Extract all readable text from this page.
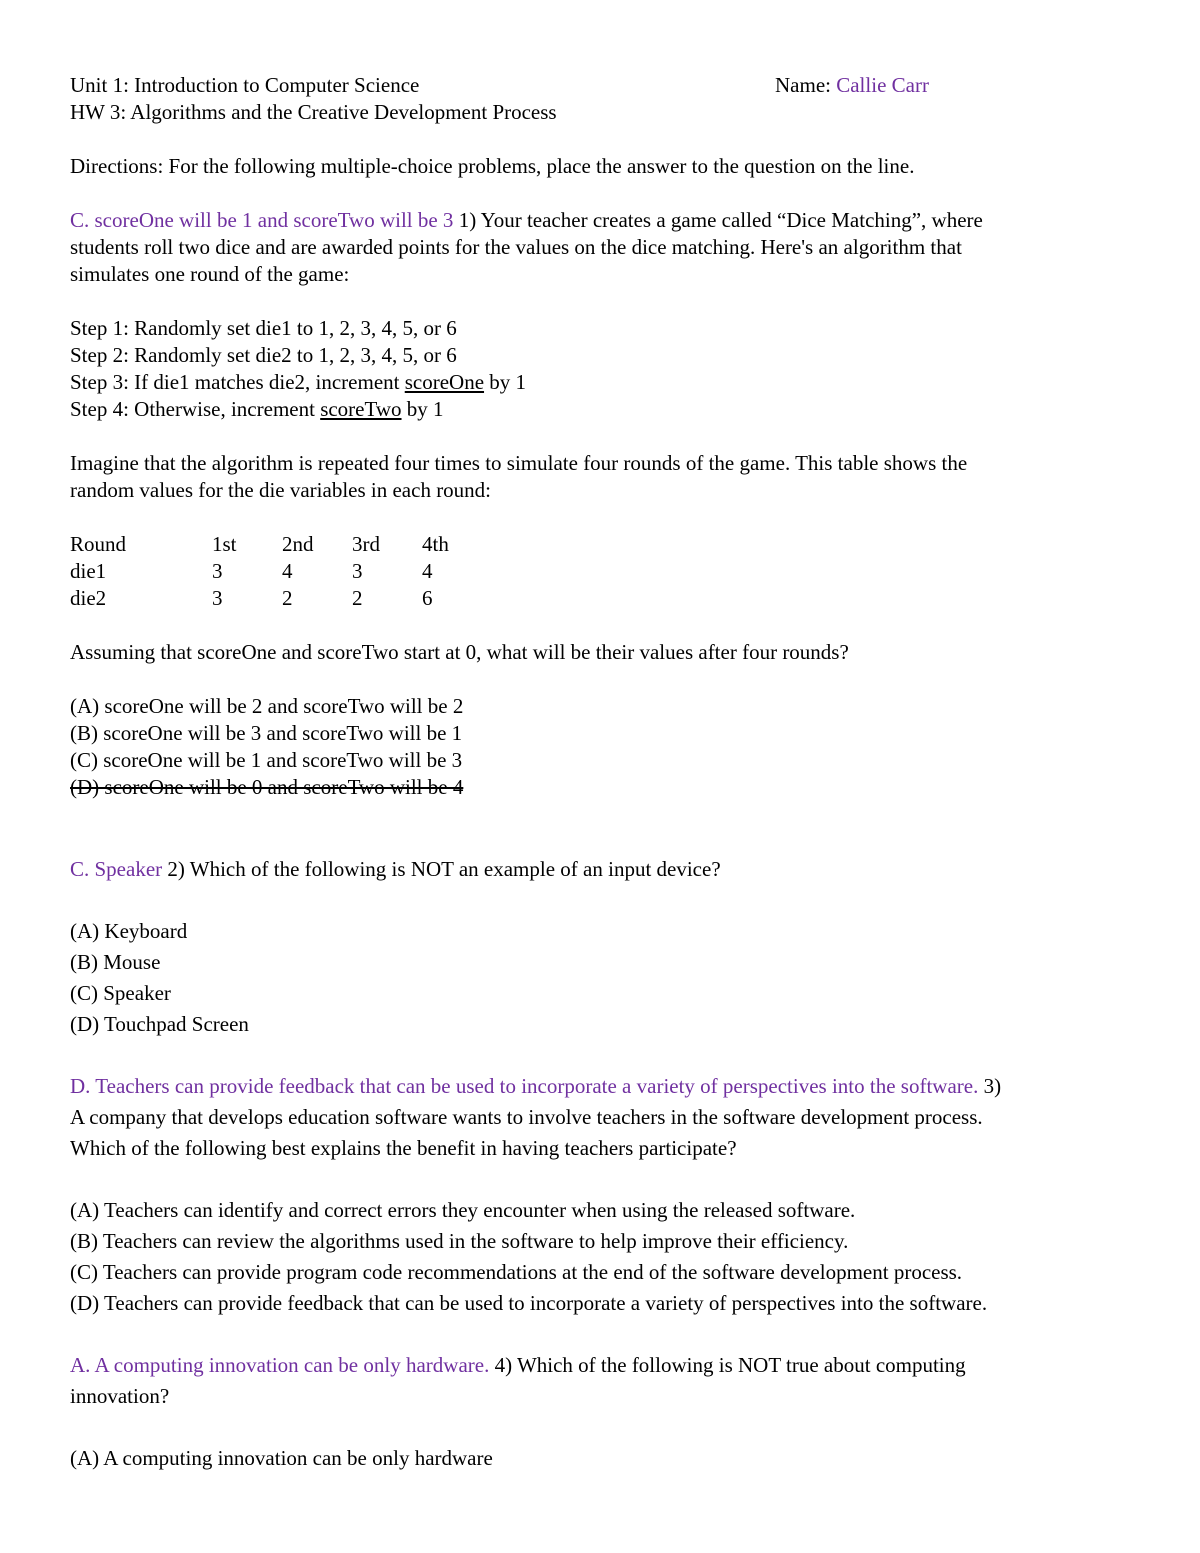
Unit 1: Introduction to Computer Science	Name: Callie Carr

HW 3: Algorithms and the Creative Development Process

Directions: For the following multiple-choice problems, place the answer to the question on the line.

C. scoreOne will be 1 and scoreTwo will be 3 1) Your teacher creates a game called “Dice Matching”, where

students roll two dice and are awarded points for the values on the dice matching. Here's an algorithm that

simulates one round of the game:

Step 1: Randomly set die1 to 1, 2, 3, 4, 5, or 6

Step 2: Randomly set die2 to 1, 2, 3, 4, 5, or 6

Step 3: If die1 matches die2, increment scoreOne by 1

Step 4: Otherwise, increment scoreTwo by 1

Imagine that the algorithm is repeated four times to simulate four rounds of the game. This table shows the

random values for the die variables in each round:

Round	1st	2nd	3rd	4th
die1	3	4	3	4
die2	3	2	2	6

Assuming that scoreOne and scoreTwo start at 0, what will be their values after four rounds?

(A) scoreOne will be 2 and scoreTwo will be 2

(B) scoreOne will be 3 and scoreTwo will be 1

(C) scoreOne will be 1 and scoreTwo will be 3

(D) scoreOne will be 0 and scoreTwo will be 4

C. Speaker 2) Which of the following is NOT an example of an input device?

(A) Keyboard

(B) Mouse

(C) Speaker

(D) Touchpad Screen

D. Teachers can provide feedback that can be used to incorporate a variety of perspectives into the software. 3)

A company that develops education software wants to involve teachers in the software development process.

Which of the following best explains the benefit in having teachers participate?

(A) Teachers can identify and correct errors they encounter when using the released software.

(B) Teachers can review the algorithms used in the software to help improve their efficiency.

(C) Teachers can provide program code recommendations at the end of the software development process.

(D) Teachers can provide feedback that can be used to incorporate a variety of perspectives into the software.

A. A computing innovation can be only hardware. 4) Which of the following is NOT true about computing

innovation?

(A) A computing innovation can be only hardware
